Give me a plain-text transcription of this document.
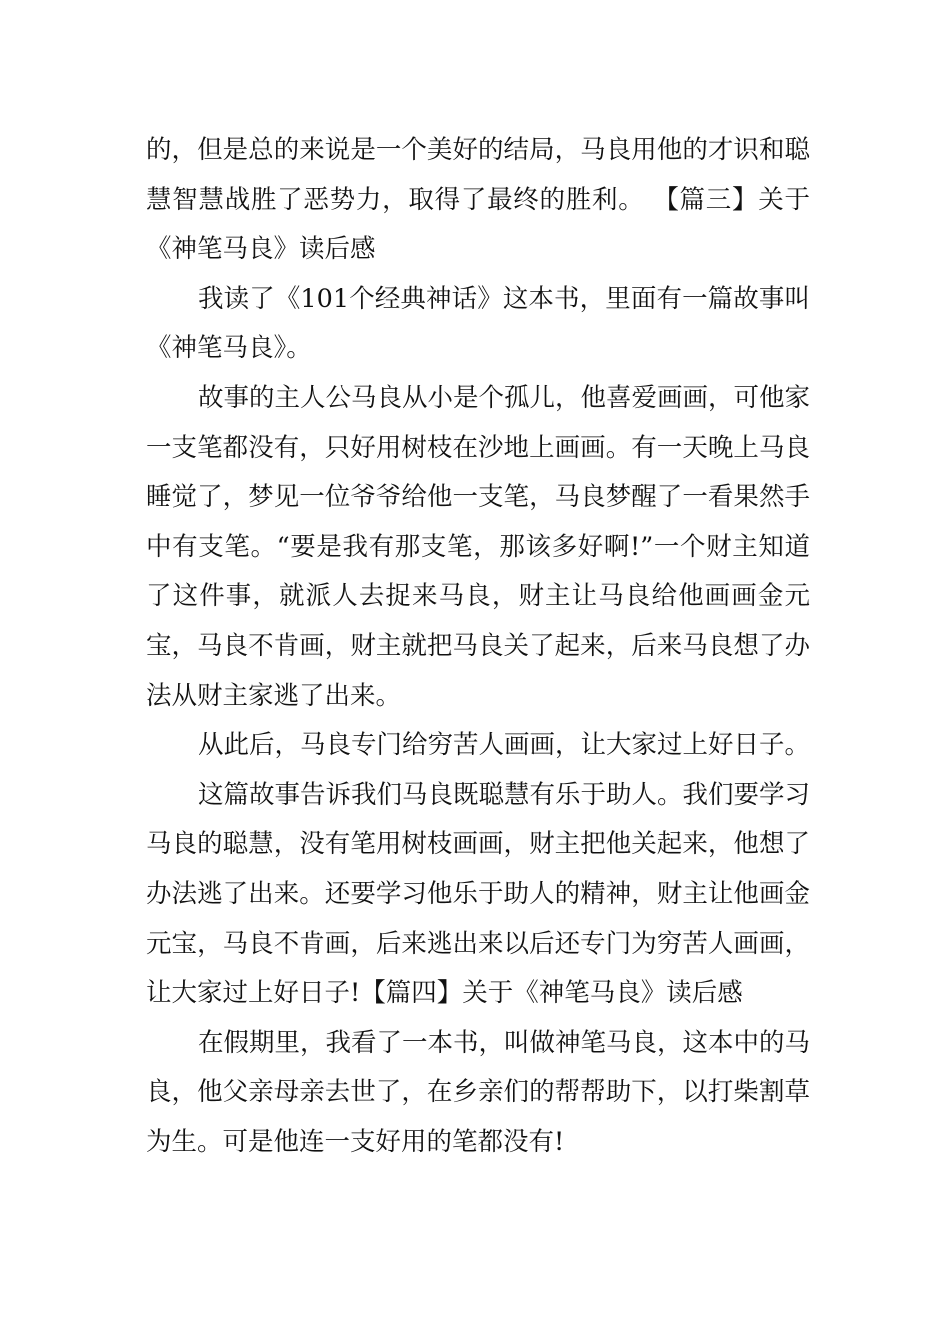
的，但是总的来说是一个美好的结局，马良用他的才识和聪慧智慧战胜了恶势力，取得了最终的胜利。 【篇三】关于《神笔马良》读后感

我读了《101个经典神话》这本书，里面有一篇故事叫《神笔马良》。

故事的主人公马良从小是个孤儿，他喜爱画画，可他家一支笔都没有，只好用树枝在沙地上画画。有一天晚上马良睡觉了，梦见一位爷爷给他一支笔，马良梦醒了一看果然手中有支笔。“要是我有那支笔，那该多好啊!”一个财主知道了这件事，就派人去捉来马良，财主让马良给他画画金元宝，马良不肯画，财主就把马良关了起来，后来马良想了办法从财主家逃了出来。

从此后，马良专门给穷苦人画画，让大家过上好日子。

这篇故事告诉我们马良既聪慧有乐于助人。我们要学习马良的聪慧，没有笔用树枝画画，财主把他关起来，他想了办法逃了出来。还要学习他乐于助人的精神，财主让他画金元宝，马良不肯画，后来逃出来以后还专门为穷苦人画画，让大家过上好日子!【篇四】关于《神笔马良》读后感

在假期里，我看了一本书，叫做神笔马良，这本中的马良，他父亲母亲去世了，在乡亲们的帮帮助下，以打柴割草为生。可是他连一支好用的笔都没有!
